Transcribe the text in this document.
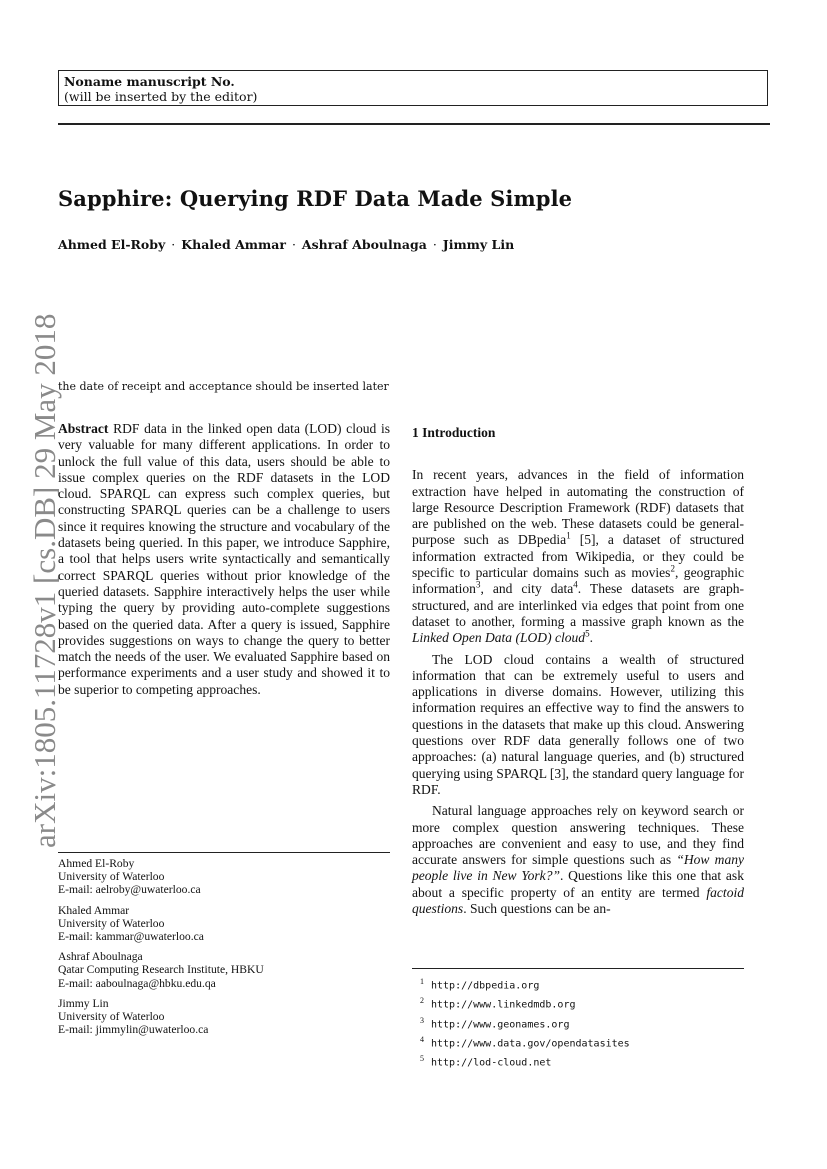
Noname manuscript No.
(will be inserted by the editor)
Sapphire: Querying RDF Data Made Simple
Ahmed El-Roby · Khaled Ammar · Ashraf Aboulnaga · Jimmy Lin
arXiv:1805.11728v1 [cs.DB] 29 May 2018
the date of receipt and acceptance should be inserted later

Abstract RDF data in the linked open data (LOD) cloud is very valuable for many different applications. In order to unlock the full value of this data, users should be able to issue complex queries on the RDF datasets in the LOD cloud. SPARQL can express such complex queries, but constructing SPARQL queries can be a challenge to users since it requires knowing the structure and vocabulary of the datasets being queried. In this paper, we introduce Sapphire, a tool that helps users write syntactically and semantically correct SPARQL queries without prior knowledge of the queried datasets. Sapphire interactively helps the user while typing the query by providing auto-complete suggestions based on the queried data. After a query is issued, Sapphire provides suggestions on ways to change the query to better match the needs of the user. We evaluated Sapphire based on performance experiments and a user study and showed it to be superior to competing approaches.

1 Introduction

In recent years, advances in the field of information extraction have helped in automating the construction of large Resource Description Framework (RDF) datasets that are published on the web. These datasets could be general-purpose such as DBpedia$^1$ [5], a dataset of structured information extracted from Wikipedia, or they could be specific to particular domains such as movies$^2$, geographic information$^3$, and city data$^4$. These datasets are graph-structured, and are interlinked via edges that point from one dataset to another, forming a massive graph known as the Linked Open Data (LOD) cloud$^5$.

The LOD cloud contains a wealth of structured information that can be extremely useful to users and applications in diverse domains. However, utilizing this information requires an effective way to find the answers to questions in the datasets that make up this cloud. Answering questions over RDF data generally follows one of two approaches: (a) natural language queries, and (b) structured querying using SPARQL [3], the standard query language for RDF.

Natural language approaches rely on keyword search or more complex question answering techniques. These approaches are convenient and easy to use, and they find accurate answers for simple questions such as “How many people live in New York?”. Questions like this one that ask about a specific property of an entity are termed factoid questions. Such questions can be an-

Ahmed El-Roby
University of Waterloo
E-mail: aelroby@uwaterloo.ca
Khaled Ammar
University of Waterloo
E-mail: kammar@uwaterloo.ca
Ashraf Aboulnaga
Qatar Computing Research Institute, HBKU
E-mail: aaboulnaga@hbku.edu.qa
Jimmy Lin
University of Waterloo
E-mail: jimmylin@uwaterloo.ca
1 http://dbpedia.org
2 http://www.linkedmdb.org
3 http://www.geonames.org
4 http://www.data.gov/opendatasites
5 http://lod-cloud.net
